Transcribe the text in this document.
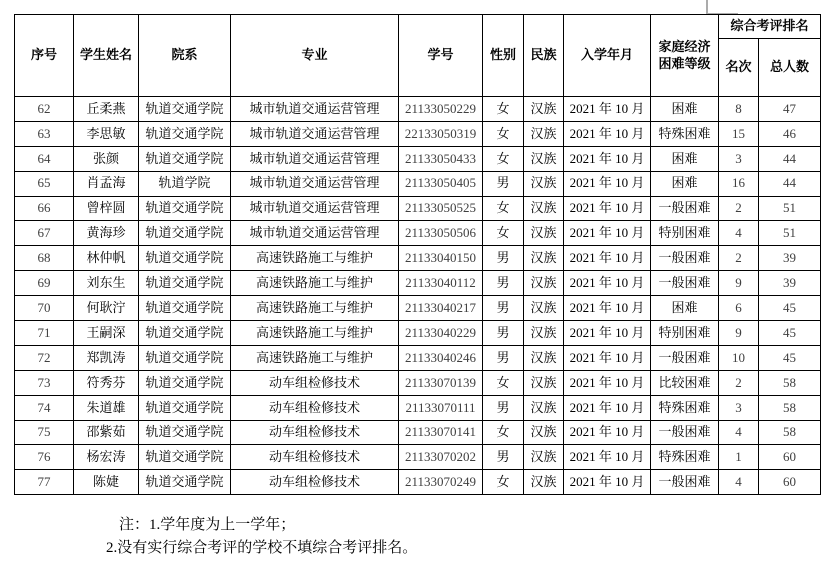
序号	学生姓名	院系	专业	学号	性别	民族	入学年月	家庭经济困难等级	综合考评排名	
									名次	总人数
62	丘柔燕	轨道交通学院	城市轨道交通运营管理	21133050229	女	汉族	2021 年 10 月	困难	8	47
63	李思敏	轨道交通学院	城市轨道交通运营管理	22133050319	女	汉族	2021 年 10 月	特殊困难	15	46
64	张颜	轨道交通学院	城市轨道交通运营管理	21133050433	女	汉族	2021 年 10 月	困难	3	44
65	肖孟海	轨道学院	城市轨道交通运营管理	21133050405	男	汉族	2021 年 10 月	困难	16	44
66	曾梓圆	轨道交通学院	城市轨道交通运营管理	21133050525	女	汉族	2021 年 10 月	一般困难	2	51
67	黄海珍	轨道交通学院	城市轨道交通运营管理	21133050506	女	汉族	2021 年 10 月	特别困难	4	51
68	林仲帆	轨道交通学院	高速铁路施工与维护	21133040150	男	汉族	2021 年 10 月	一般困难	2	39
69	刘东生	轨道交通学院	高速铁路施工与维护	21133040112	男	汉族	2021 年 10 月	一般困难	9	39
70	何耿泞	轨道交通学院	高速铁路施工与维护	21133040217	男	汉族	2021 年 10 月	困难	6	45
71	王嗣深	轨道交通学院	高速铁路施工与维护	21133040229	男	汉族	2021 年 10 月	特别困难	9	45
72	郑凯涛	轨道交通学院	高速铁路施工与维护	21133040246	男	汉族	2021 年 10 月	一般困难	10	45
73	符秀芬	轨道交通学院	动车组检修技术	21133070139	女	汉族	2021 年 10 月	比较困难	2	58
74	朱道雄	轨道交通学院	动车组检修技术	21133070111	男	汉族	2021 年 10 月	特殊困难	3	58
75	邵紫茹	轨道交通学院	动车组检修技术	21133070141	女	汉族	2021 年 10 月	一般困难	4	58
76	杨宏涛	轨道交通学院	动车组检修技术	21133070202	男	汉族	2021 年 10 月	特殊困难	1	60
77	陈婕	轨道交通学院	动车组检修技术	21133070249	女	汉族	2021 年 10 月	一般困难	4	60
注：1.学年度为上一学年；
2.没有实行综合考评的学校不填综合考评排名。
